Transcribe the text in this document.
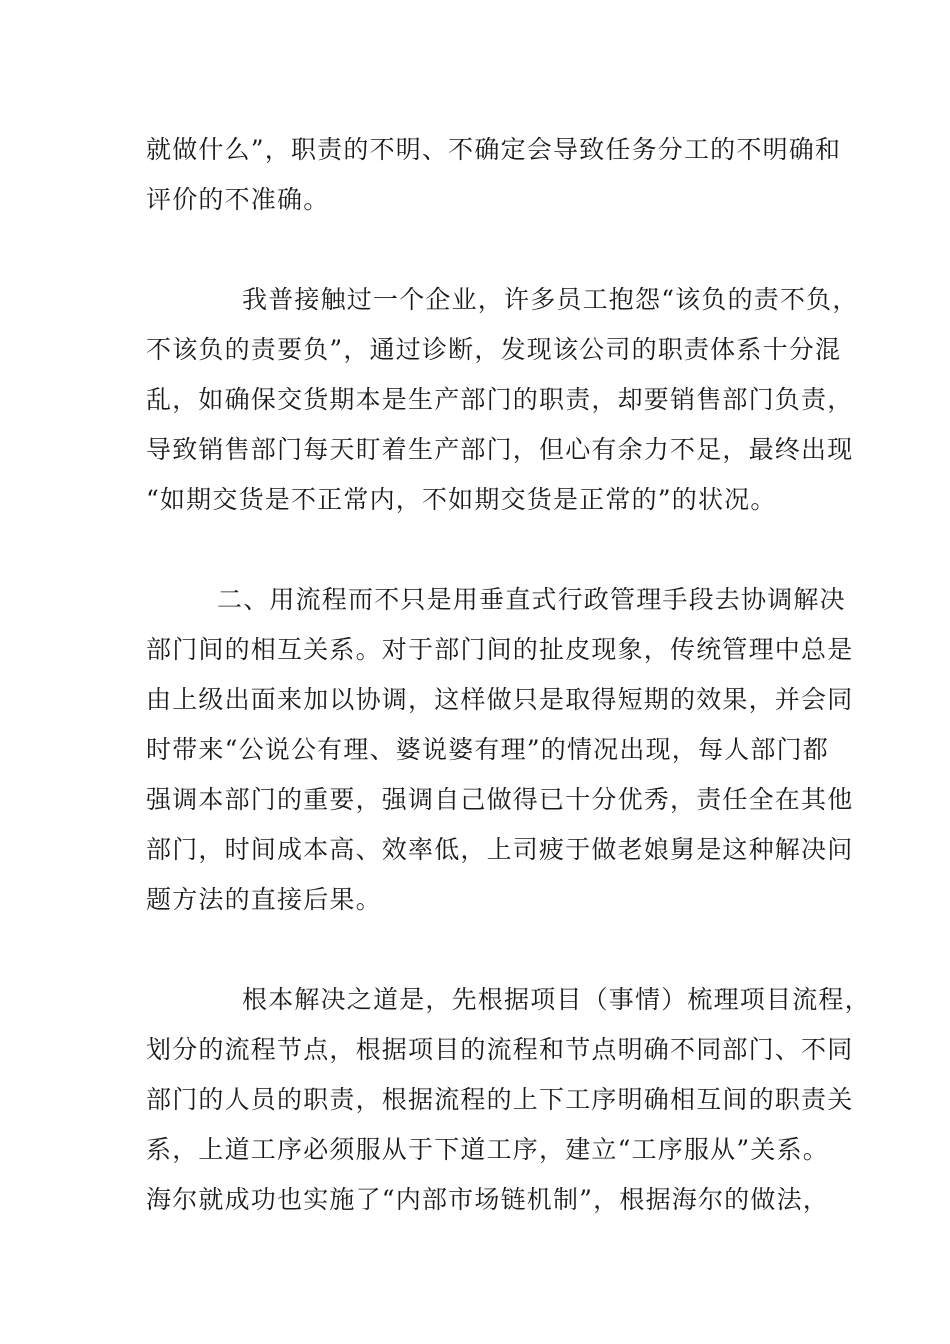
就做什么”，职责的不明、不确定会导致任务分工的不明确和
评价的不准确。
我普接触过一个企业，许多员工抱怨“该负的责不负，
不该负的责要负”，通过诊断，发现该公司的职责体系十分混
乱，如确保交货期本是生产部门的职责，却要销售部门负责，
导致销售部门每天盯着生产部门，但心有余力不足，最终出现
“如期交货是不正常内，不如期交货是正常的”的状况。
二、用流程而不只是用垂直式行政管理手段去协调解决
部门间的相互关系。对于部门间的扯皮现象，传统管理中总是
由上级出面来加以协调，这样做只是取得短期的效果，并会同
时带来“公说公有理、婆说婆有理”的情况出现，每人部门都
强调本部门的重要，强调自己做得已十分优秀，责任全在其他
部门，时间成本高、效率低，上司疲于做老娘舅是这种解决问
题方法的直接后果。
根本解决之道是，先根据项目（事情）梳理项目流程，
划分的流程节点，根据项目的流程和节点明确不同部门、不同
部门的人员的职责，根据流程的上下工序明确相互间的职责关
系，上道工序必须服从于下道工序，建立“工序服从”关系。
海尔就成功也实施了“内部市场链机制”，根据海尔的做法，
